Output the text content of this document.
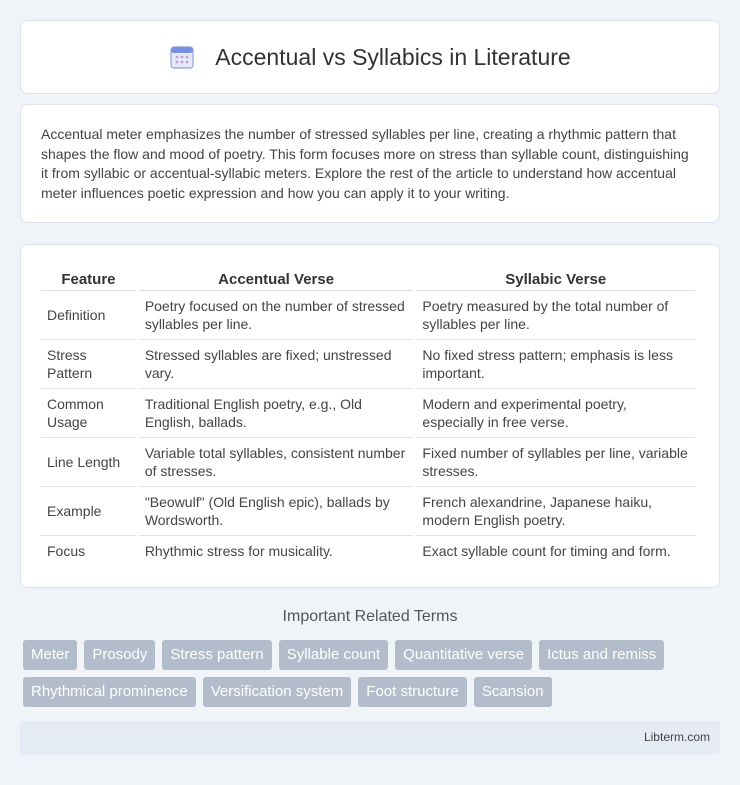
Accentual vs Syllabics in Literature

Accentual meter emphasizes the number of stressed syllables per line, creating a rhythmic pattern that shapes the flow and mood of poetry. This form focuses more on stress than syllable count, distinguishing it from syllabic or accentual-syllabic meters. Explore the rest of the article to understand how accentual meter influences poetic expression and how you can apply it to your writing.

Feature	Accentual Verse	Syllabic Verse
Definition	Poetry focused on the number of stressed syllables per line.	Poetry measured by the total number of syllables per line.
Stress Pattern	Stressed syllables are fixed; unstressed vary.	No fixed stress pattern; emphasis is less important.
Common Usage	Traditional English poetry, e.g., Old English, ballads.	Modern and experimental poetry, especially in free verse.
Line Length	Variable total syllables, consistent number of stresses.	Fixed number of syllables per line, variable stresses.
Example	"Beowulf" (Old English epic), ballads by Wordsworth.	French alexandrine, Japanese haiku, modern English poetry.
Focus	Rhythmic stress for musicality.	Exact syllable count for timing and form.
Important Related Terms
Meter	Prosody	Stress pattern	Syllable count	Quantitative verse	Ictus and remiss
Rhythmical prominence	Versification system	Foot structure	Scansion
Libterm.com
